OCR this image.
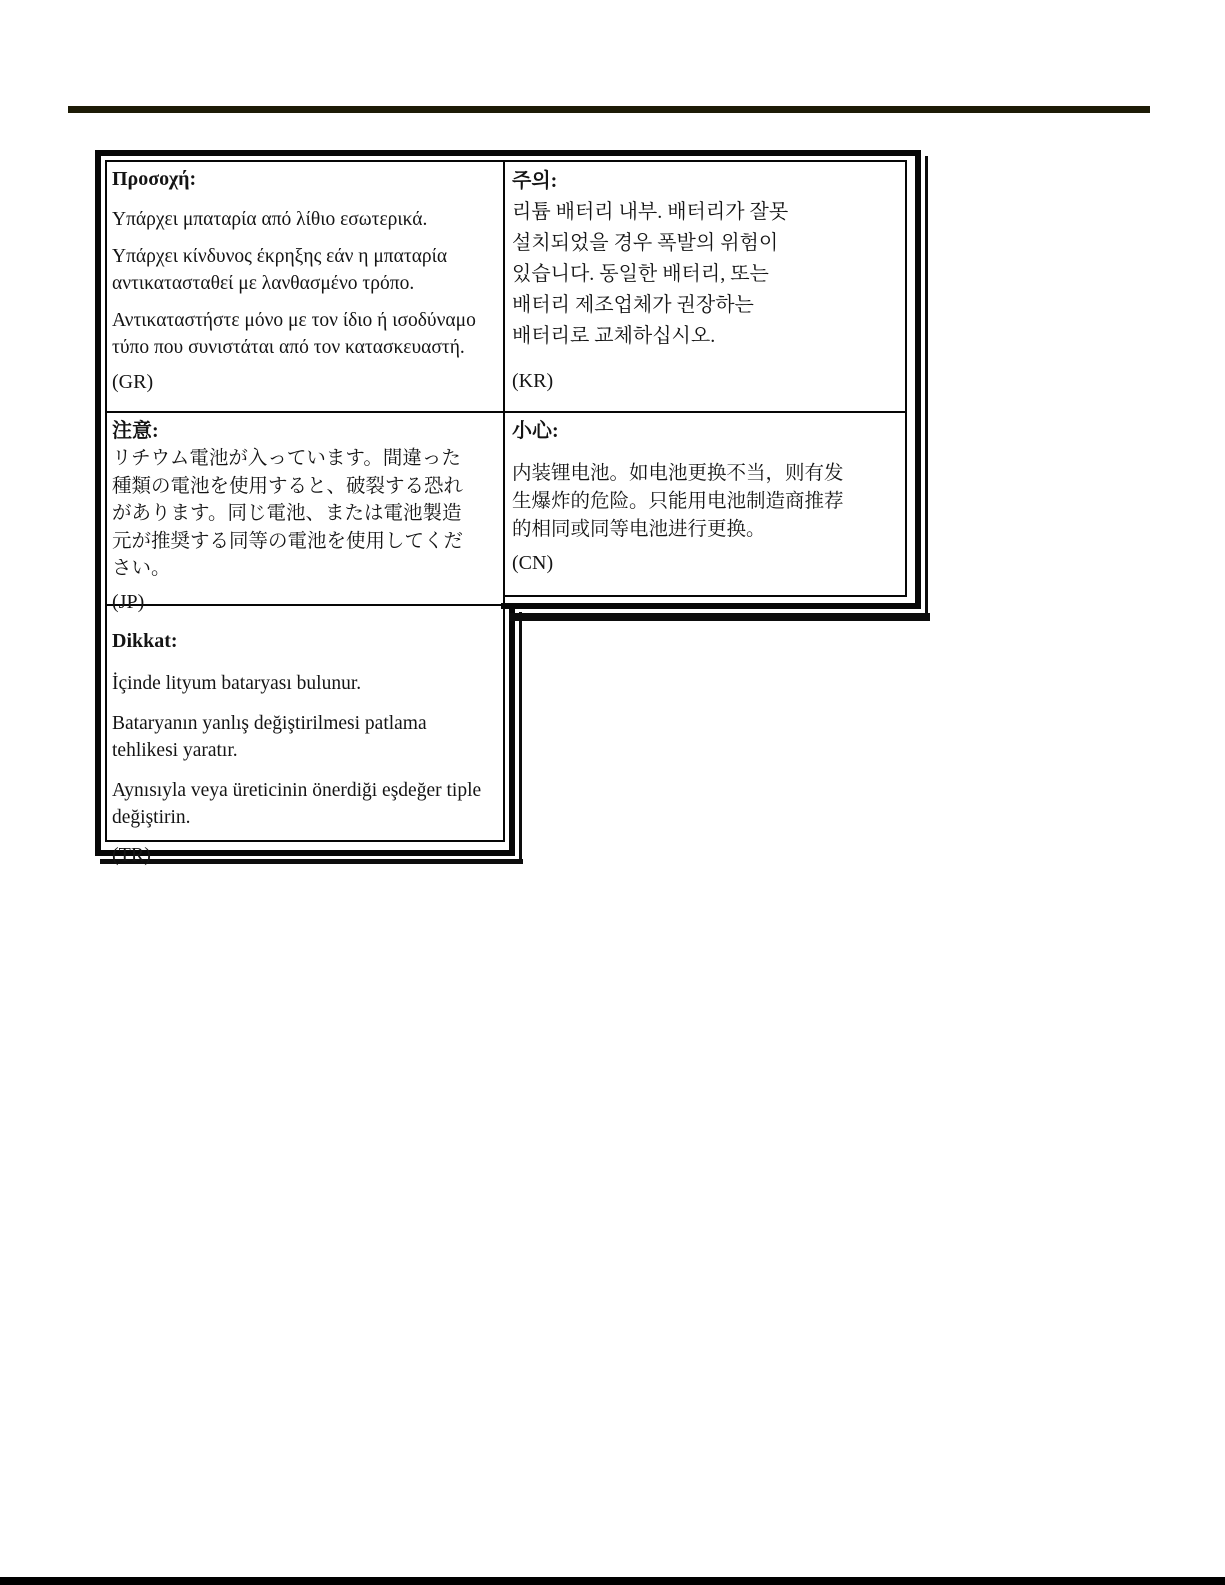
Προσοχή:
Υπάρχει μπαταρία από λίθιο εσωτερικά.
Υπάρχει κίνδυνος έκρηξης εάν η μπαταρία αντικατασταθεί με λανθασμένο τρόπο.
Αντικαταστήστε μόνο με τον ίδιο ή ισοδύναμο τύπο που συνιστάται από τον κατασκευαστή.
(GR)
주의:
리튬 배터리 내부. 배터리가 잘못
설치되었을 경우 폭발의 위험이
있습니다. 동일한 배터리, 또는
배터리 제조업체가 권장하는
배터리로 교체하십시오.
(KR)
注意:
リチウム電池が入っています。間違った
種類の電池を使用すると、破裂する恐れ
があります。同じ電池、または電池製造
元が推奨する同等の電池を使用してくだ
さい。
(JP)
小心:
内装锂电池。如电池更换不当，则有发
生爆炸的危险。只能用电池制造商推荐
的相同或同等电池进行更换。
(CN)
Dikkat:
İçinde lityum bataryası bulunur.
Bataryanın yanlış değiştirilmesi patlama tehlikesi yaratır.
Aynısıyla veya üreticinin önerdiği eşdeğer tiple değiştirin.
(TR)
